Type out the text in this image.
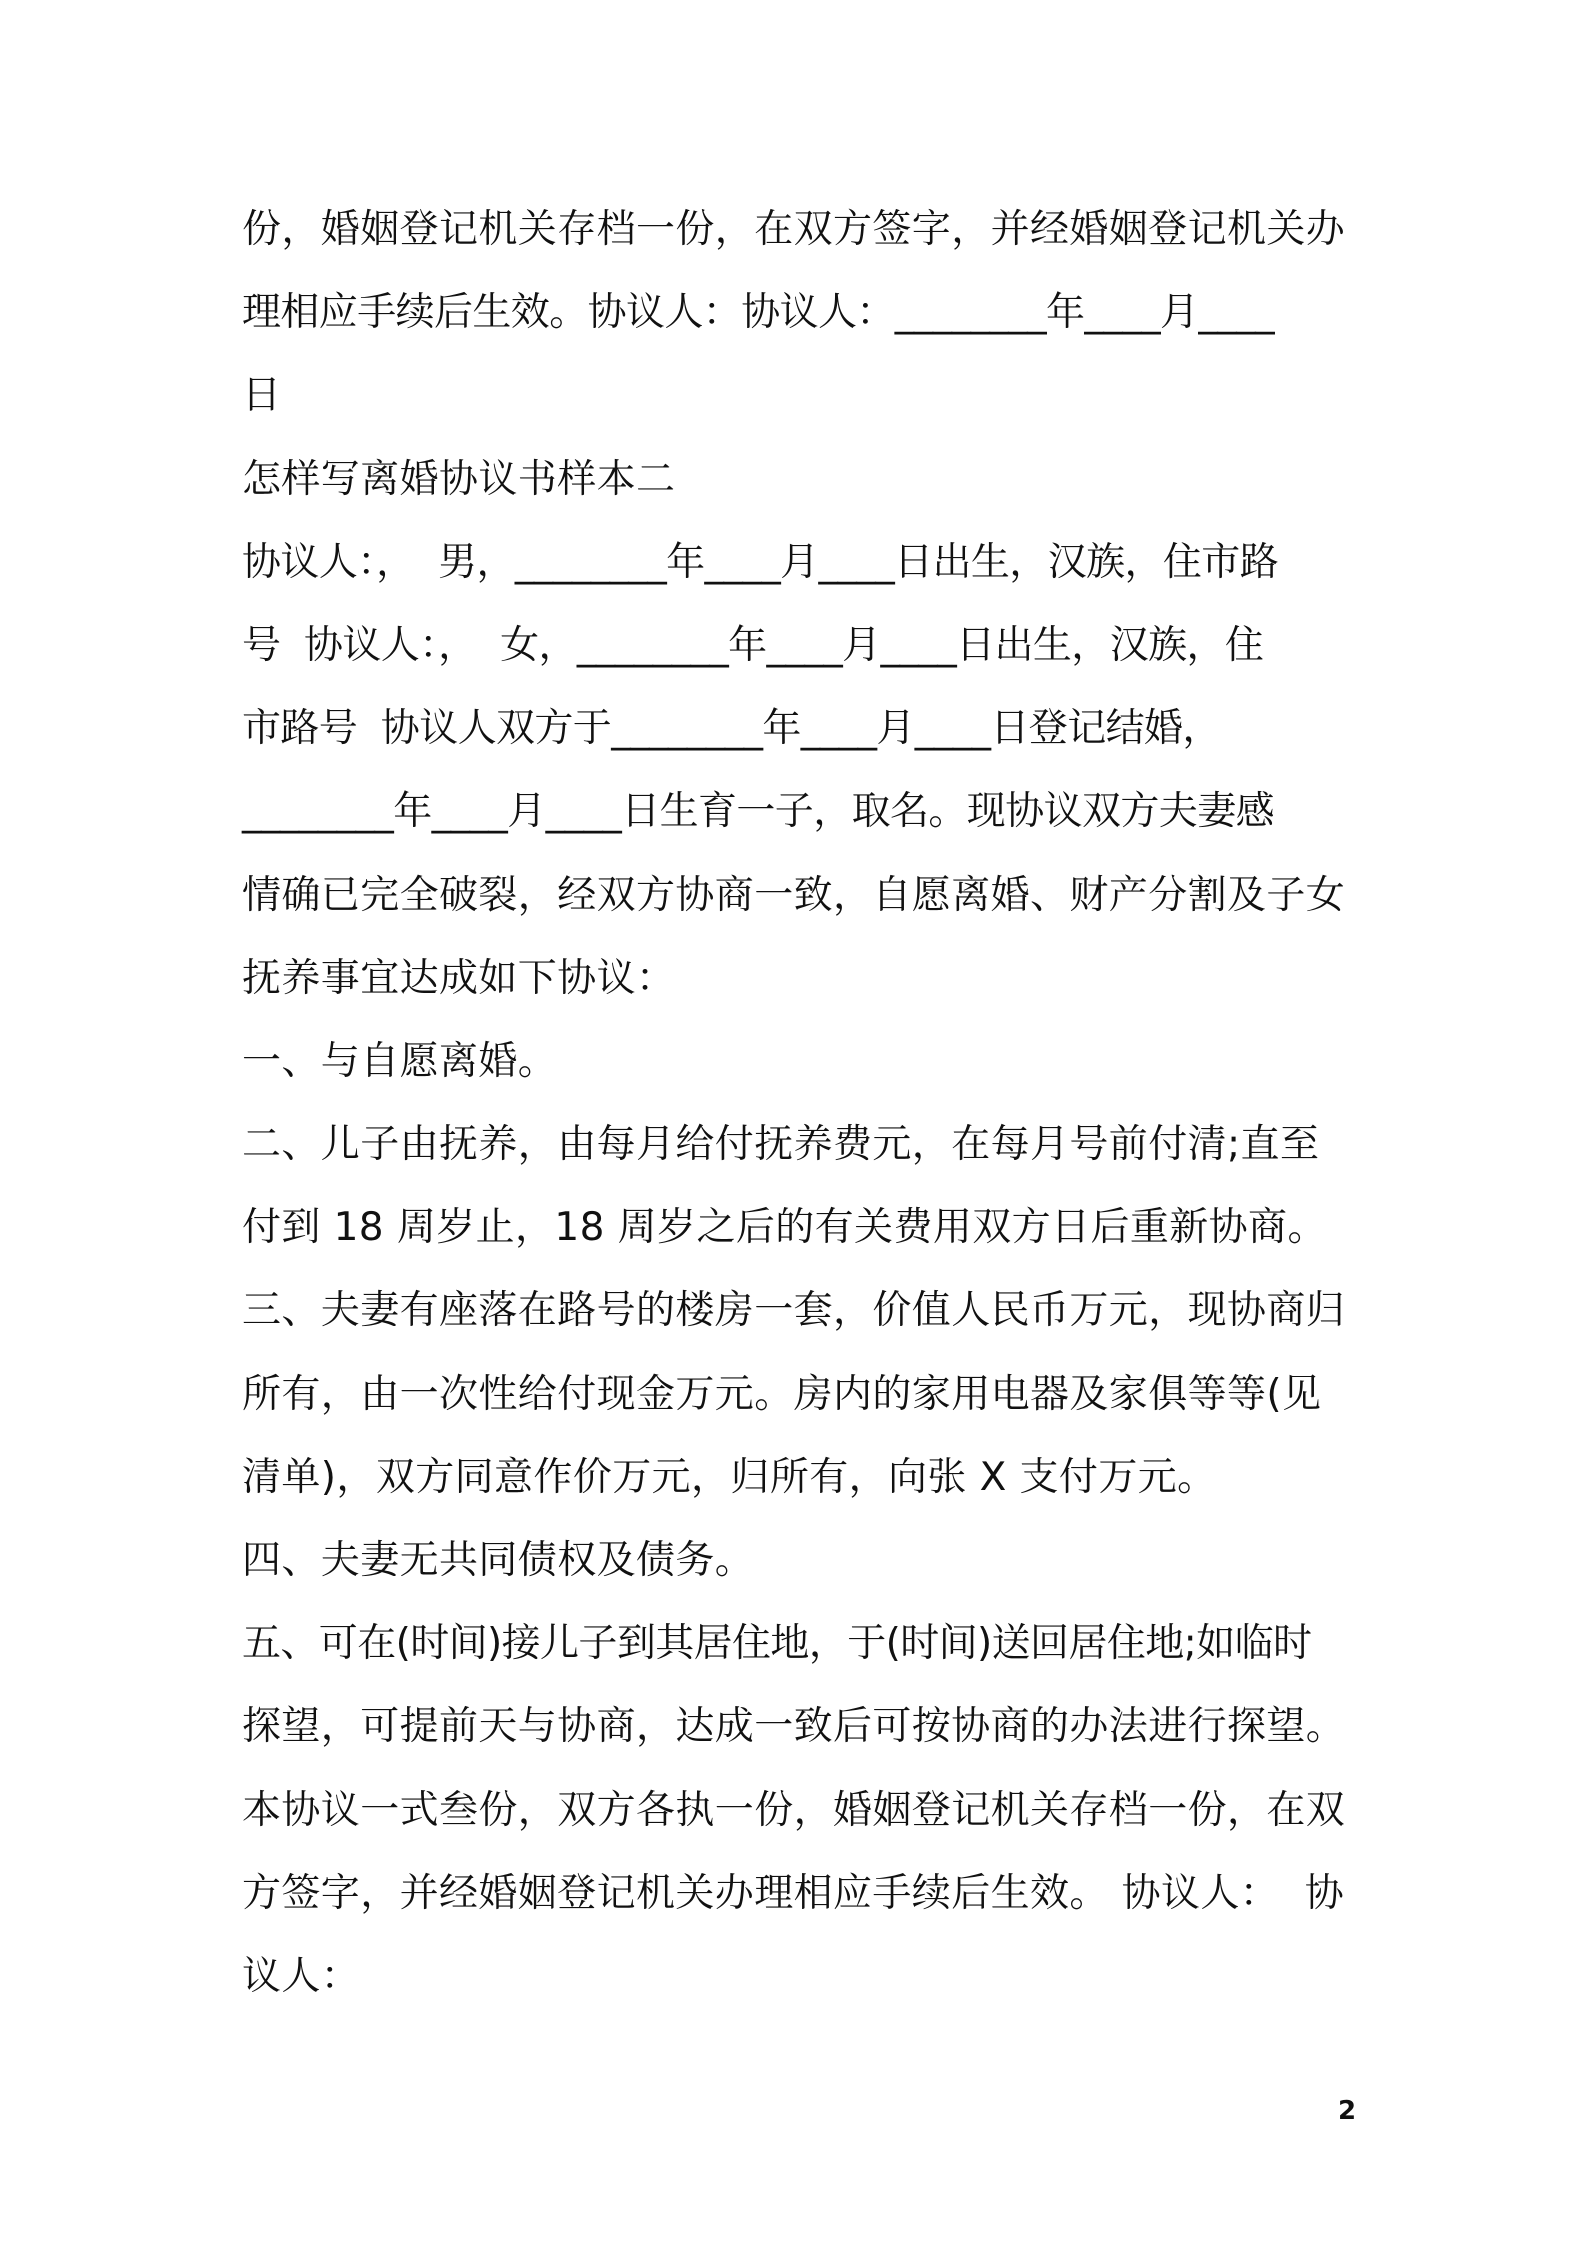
份，婚姻登记机关存档一份，在双方签字，并经婚姻登记机关办
理相应手续后生效。协议人：协议人：________年____月____
日
怎样写离婚协议书样本二
协议人：，  男，________年____月____日出生，汉族，住市路
号  协议人：，  女，________年____月____日出生，汉族，住
市路号  协议人双方于________年____月____日登记结婚，
________年____月____日生育一子，取名。现协议双方夫妻感
情确已完全破裂，经双方协商一致，自愿离婚、财产分割及子女
抚养事宜达成如下协议：
一、与自愿离婚。
二、儿子由抚养，由每月给付抚养费元，在每月号前付清;直至
付到 18 周岁止，18 周岁之后的有关费用双方日后重新协商。
三、夫妻有座落在路号的楼房一套，价值人民币万元，现协商归
所有，由一次性给付现金万元。房内的家用电器及家俱等等(见
清单)，双方同意作价万元，归所有，向张 X 支付万元。
四、夫妻无共同债权及债务。
五、可在(时间)接儿子到其居住地，于(时间)送回居住地;如临时
探望，可提前天与协商，达成一致后可按协商的办法进行探望。
本协议一式叁份，双方各执一份，婚姻登记机关存档一份，在双
方签字，并经婚姻登记机关办理相应手续后生效。 协议人：  协
议人：
2
